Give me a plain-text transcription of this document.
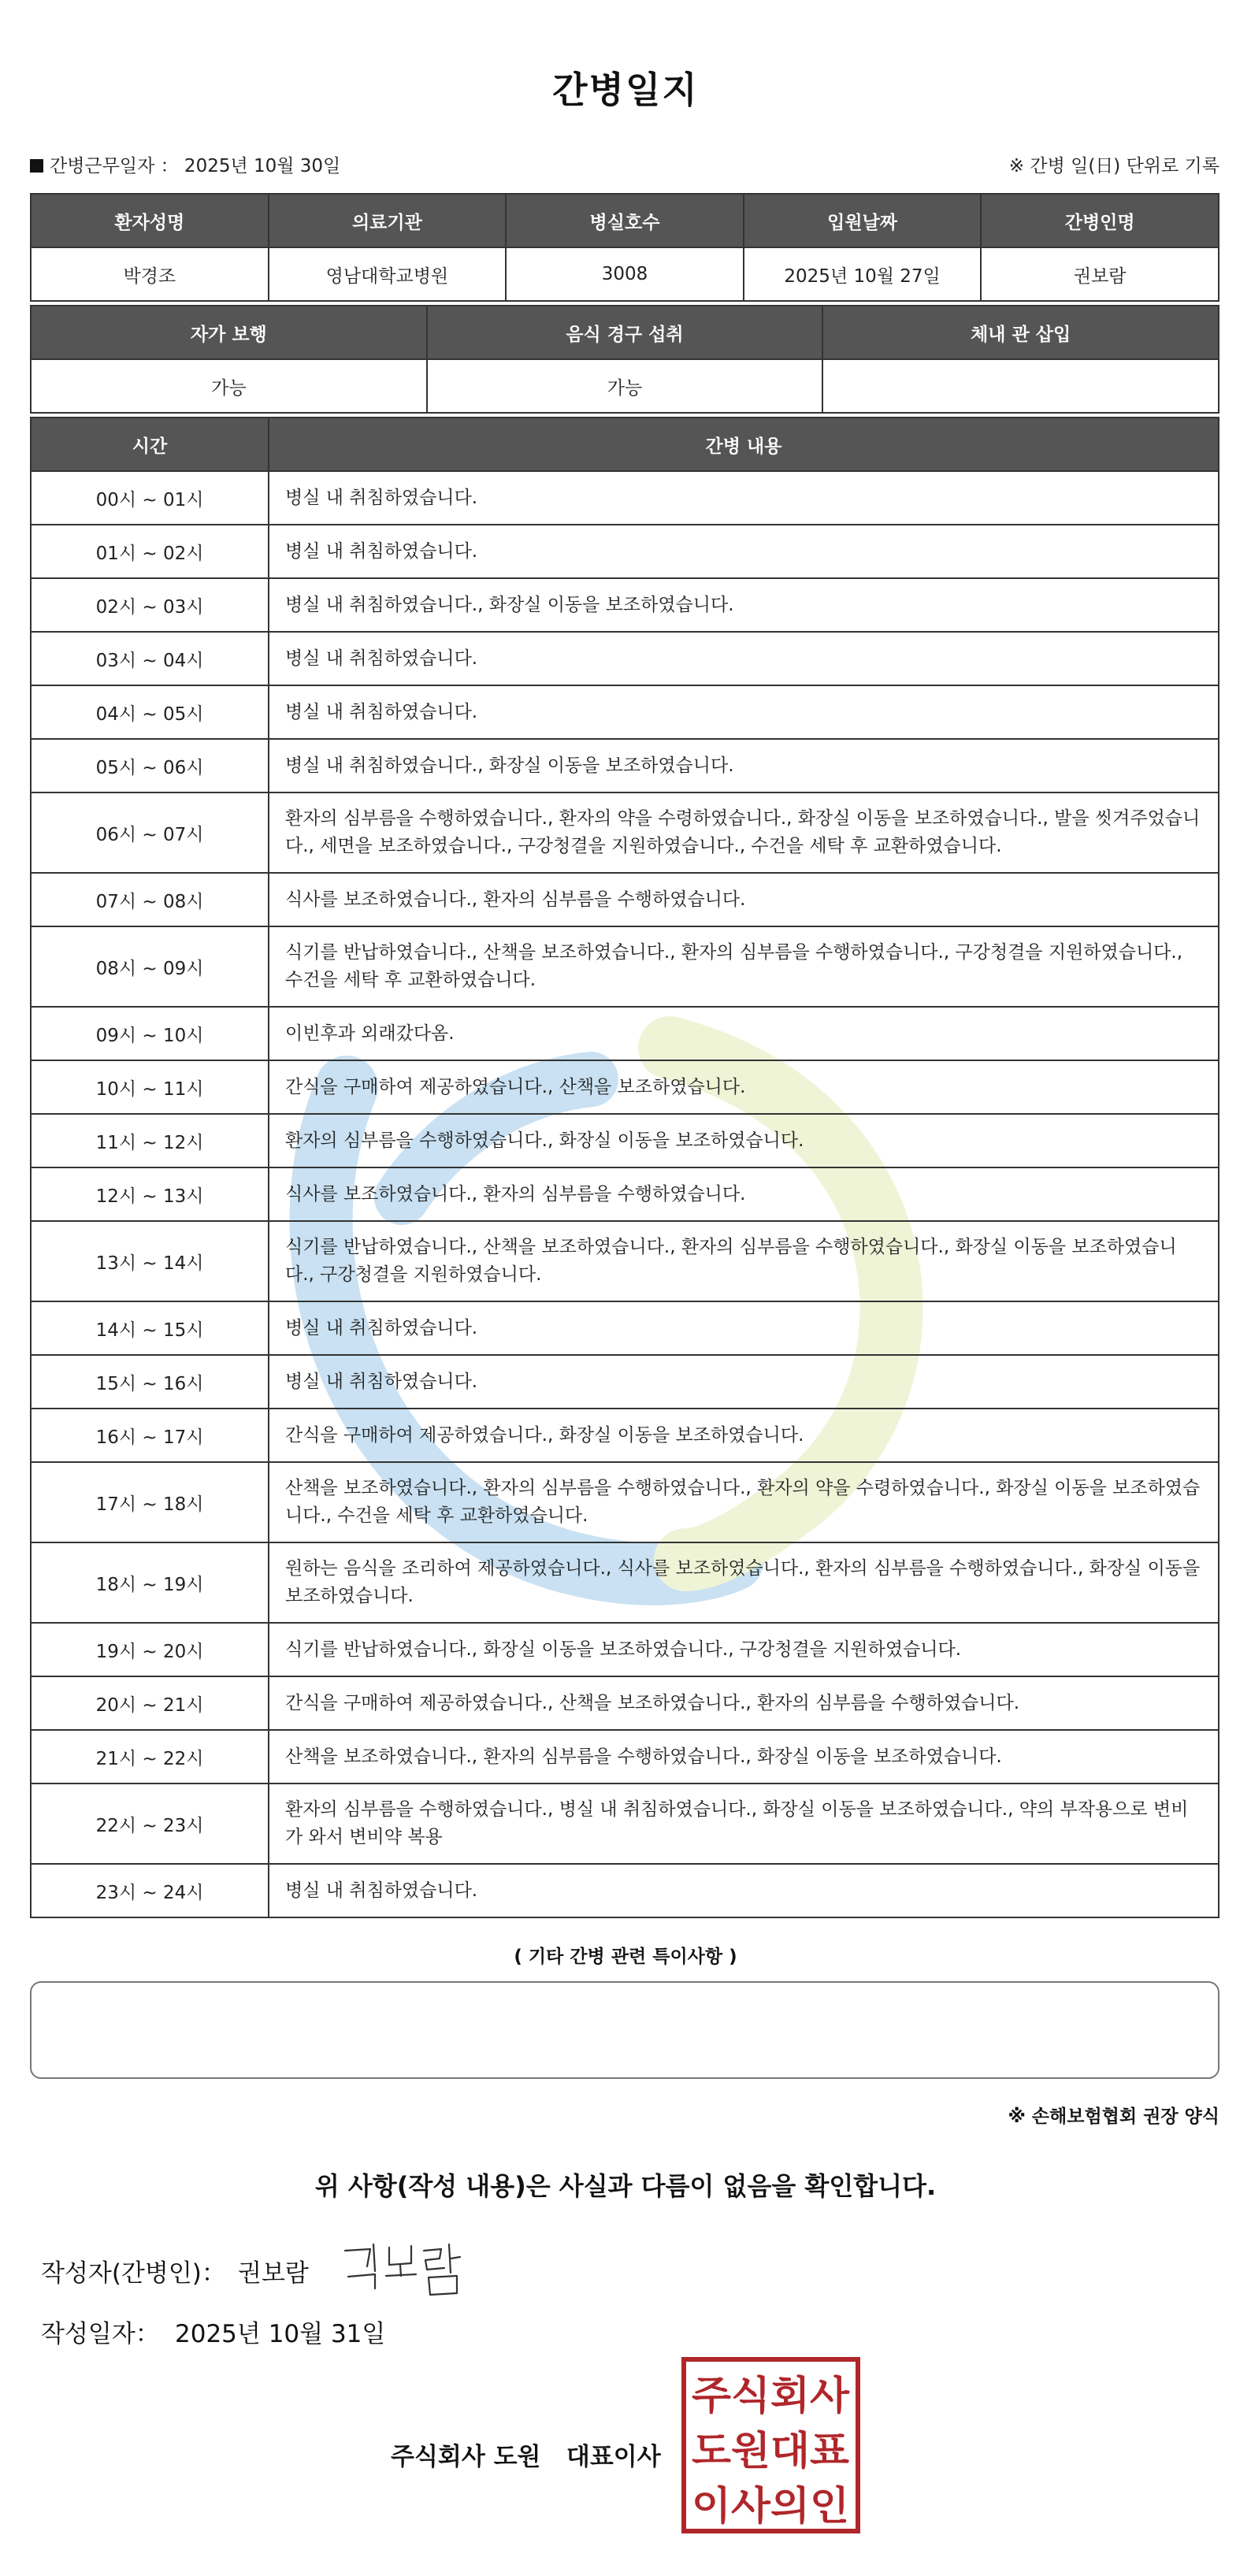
간병일지
간병근무일자 ： 2025년 10월 30일	※ 간병 일(日) 단위로 기록
환자성명	의료기관	병실호수	입원날짜	간병인명
박경조	영남대학교병원	3008	2025년 10월 27일	권보람
자가 보행	음식 경구 섭취	체내 관 삽입
가능	가능	
시간	간병 내용
00시 ~ 01시	병실 내 취침하였습니다.
01시 ~ 02시	병실 내 취침하였습니다.
02시 ~ 03시	병실 내 취침하였습니다., 화장실 이동을 보조하였습니다.
03시 ~ 04시	병실 내 취침하였습니다.
04시 ~ 05시	병실 내 취침하였습니다.
05시 ~ 06시	병실 내 취침하였습니다., 화장실 이동을 보조하였습니다.
06시 ~ 07시	환자의 심부름을 수행하였습니다., 환자의 약을 수령하였습니다., 화장실 이동을 보조하였습니다., 발을 씻겨주었습니다., 세면을 보조하였습니다., 구강청결을 지원하였습니다., 수건을 세탁 후 교환하였습니다.
07시 ~ 08시	식사를 보조하였습니다., 환자의 심부름을 수행하였습니다.
08시 ~ 09시	식기를 반납하였습니다., 산책을 보조하였습니다., 환자의 심부름을 수행하였습니다., 구강청결을 지원하였습니다., 수건을 세탁 후 교환하였습니다.
09시 ~ 10시	이빈후과 외래갔다옴.
10시 ~ 11시	간식을 구매하여 제공하였습니다., 산책을 보조하였습니다.
11시 ~ 12시	환자의 심부름을 수행하였습니다., 화장실 이동을 보조하였습니다.
12시 ~ 13시	식사를 보조하였습니다., 환자의 심부름을 수행하였습니다.
13시 ~ 14시	식기를 반납하였습니다., 산책을 보조하였습니다., 환자의 심부름을 수행하였습니다., 화장실 이동을 보조하였습니다., 구강청결을 지원하였습니다.
14시 ~ 15시	병실 내 취침하였습니다.
15시 ~ 16시	병실 내 취침하였습니다.
16시 ~ 17시	간식을 구매하여 제공하였습니다., 화장실 이동을 보조하였습니다.
17시 ~ 18시	산책을 보조하였습니다., 환자의 심부름을 수행하였습니다., 환자의 약을 수령하였습니다., 화장실 이동을 보조하였습니다., 수건을 세탁 후 교환하였습니다.
18시 ~ 19시	원하는 음식을 조리하여 제공하였습니다., 식사를 보조하였습니다., 환자의 심부름을 수행하였습니다., 화장실 이동을 보조하였습니다.
19시 ~ 20시	식기를 반납하였습니다., 화장실 이동을 보조하였습니다., 구강청결을 지원하였습니다.
20시 ~ 21시	간식을 구매하여 제공하였습니다., 산책을 보조하였습니다., 환자의 심부름을 수행하였습니다.
21시 ~ 22시	산책을 보조하였습니다., 환자의 심부름을 수행하였습니다., 화장실 이동을 보조하였습니다.
22시 ~ 23시	환자의 심부름을 수행하였습니다., 병실 내 취침하였습니다., 화장실 이동을 보조하였습니다., 약의 부작용으로 변비가 와서 변비약 복용
23시 ~ 24시	병실 내 취침하였습니다.
( 기타 간병 관련 특이사항 )
※ 손해보험협회 권장 양식
위 사항(작성 내용)은 사실과 다름이 없음을 확인합니다.
작성자(간병인)： 권보람
작성일자： 2025년 10월 31일
주식회사 도원 대표이사
주식회사
도원대표
이사의인
